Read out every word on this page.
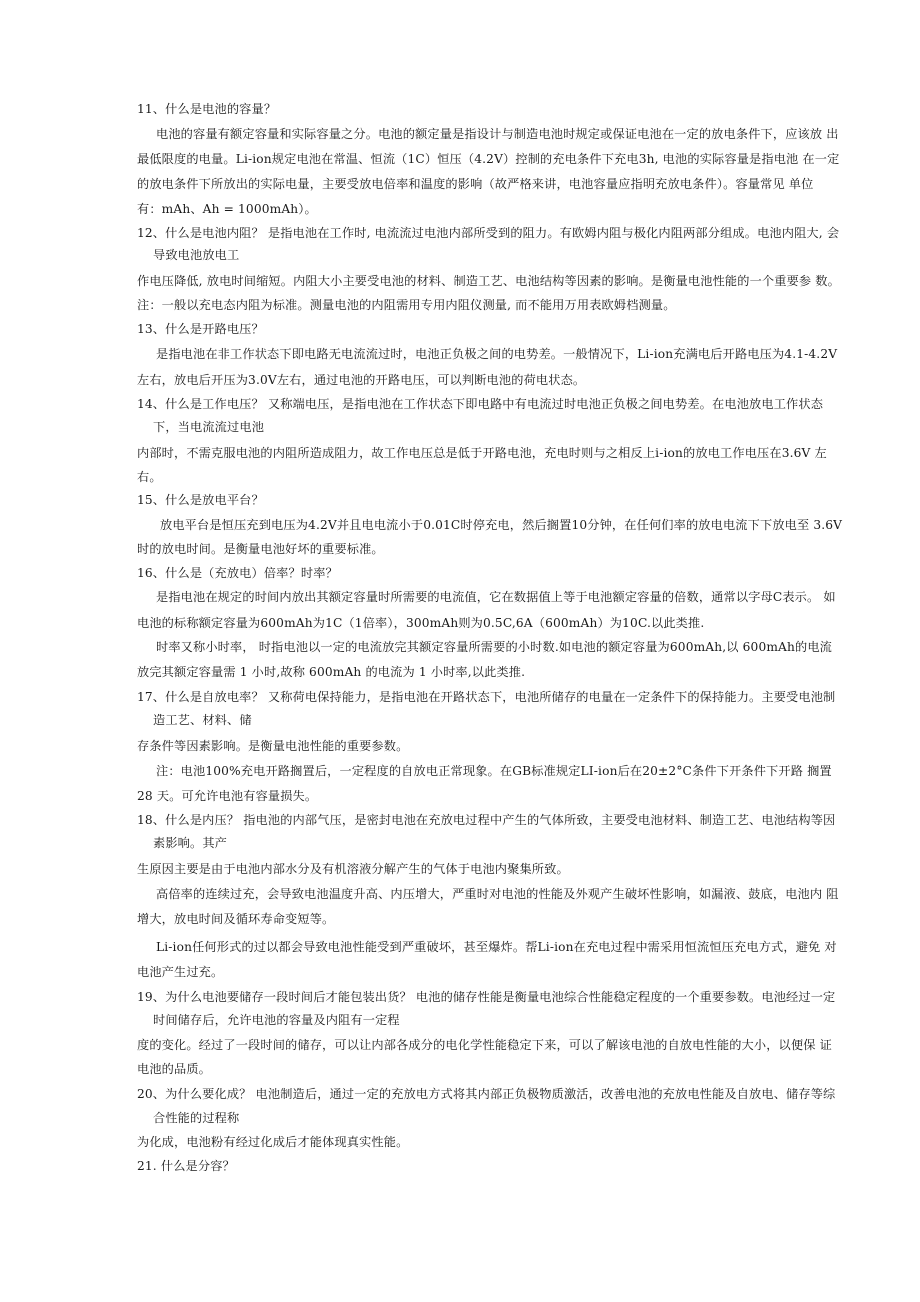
11、什么是电池的容量？
电池的容量有额定容量和实际容量之分。电池的额定量是指设计与制造电池时规定或保证电池在一定的放电条件下，应该放 出
最低限度的电量。Li-ion规定电池在常温、恒流（1C）恒压（4.2V）控制的充电条件下充电3h, 电池的实际容量是指电池 在一定
的放电条件下所放出的实际电量，主要受放电倍率和温度的影响（故严格来讲，电池容量应指明充放电条件）。容量常见 单位
有：mAh、Ah = 1000mAh）。
12、什么是电池内阻？ 是指电池在工作时, 电流流过电池内部所受到的阻力。有欧姆内阻与极化内阻两部分组成。电池内阻大, 会
导致电池放电工
作电压降低, 放电时间缩短。内阻大小主要受电池的材料、制造工艺、电池结构等因素的影响。是衡量电池性能的一个重要参 数。
注：一般以充电态内阻为标准。测量电池的内阻需用专用内阻仪测量, 而不能用万用表欧姆档测量。
13、什么是开路电压？
是指电池在非工作状态下即电路无电流流过时，电池正负极之间的电势差。一般情况下，Li-ion充满电后开路电压为4.1-4.2V
左右，放电后开压为3.0V左右，通过电池的开路电压，可以判断电池的荷电状态。
14、什么是工作电压？ 又称端电压，是指电池在工作状态下即电路中有电流过时电池正负极之间电势差。在电池放电工作状态
下，当电流流过电池
内部时，不需克服电池的内阻所造成阻力，故工作电压总是低于开路电池，充电时则与之相反上i-ion的放电工作电压在3.6V 左
右。
15、什么是放电平台？
放电平台是恒压充到电压为4.2V并且电电流小于0.01C时停充电，然后搁置10分钟，在任何们率的放电电流下下放电至 3.6V
时的放电时间。是衡量电池好坏的重要标准。
16、什么是（充放电）倍率？时率？
是指电池在规定的时间内放出其额定容量时所需要的电流值，它在数据值上等于电池额定容量的倍数，通常以字母C表示。 如
电池的标称额定容量为600mAh为1C（1倍率），300mAh则为0.5C,6A（600mAh）为10C.以此类推.
时率又称小时率， 时指电池以一定的电流放完其额定容量所需要的小时数.如电池的额定容量为600mAh,以 600mAh的电流
放完其额定容量需 1 小时,故称 600mAh 的电流为 1 小时率,以此类推.
17、什么是自放电率？ 又称荷电保持能力，是指电池在开路状态下，电池所储存的电量在一定条件下的保持能力。主要受电池制
造工艺、材料、储
存条件等因素影响。是衡量电池性能的重要参数。
注：电池100%充电开路搁置后，一定程度的自放电正常现象。在GB标准规定LI-ion后在20±2°C条件下开条件下开路 搁置
28 天。可允许电池有容量损失。
18、什么是内压？ 指电池的内部气压，是密封电池在充放电过程中产生的气体所致，主要受电池材料、制造工艺、电池结构等因
素影响。其产
生原因主要是由于电池内部水分及有机溶液分解产生的气体于电池内聚集所致。
高倍率的连续过充，会导致电池温度升高、内压增大，严重时对电池的性能及外观产生破坏性影响，如漏液、鼓底，电池内 阻
增大，放电时间及循环寿命变短等。
Li-ion任何形式的过以都会导致电池性能受到严重破坏，甚至爆炸。帮Li-ion在充电过程中需采用恒流恒压充电方式，避免 对
电池产生过充。
19、为什么电池要储存一段时间后才能包装出货？ 电池的储存性能是衡量电池综合性能稳定程度的一个重要参数。电池经过一定
时间储存后，允许电池的容量及内阻有一定程
度的变化。经过了一段时间的储存，可以让内部各成分的电化学性能稳定下来，可以了解该电池的自放电性能的大小，以便保 证
电池的品质。
20、为什么要化成？ 电池制造后，通过一定的充放电方式将其内部正负极物质激活，改善电池的充放电性能及自放电、储存等综
合性能的过程称
为化成，电池粉有经过化成后才能体现真实性能。
21. 什么是分容？
